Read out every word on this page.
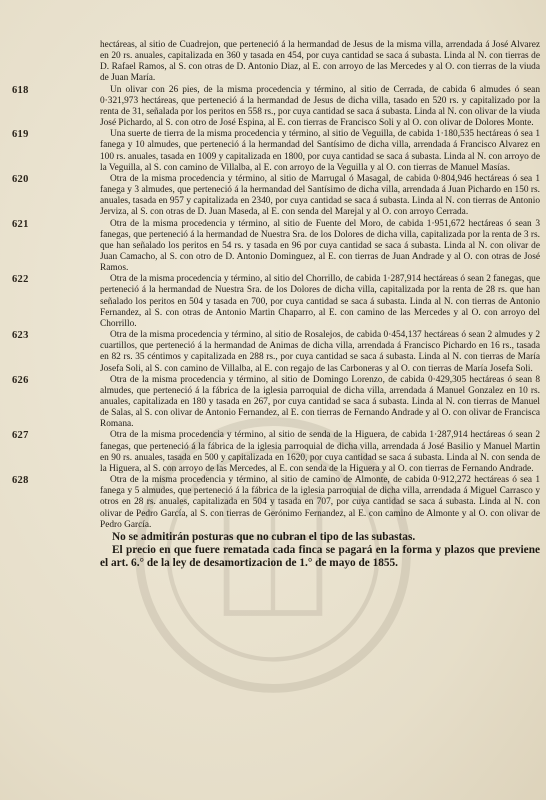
hectáreas, al sitio de Cuadrejon, que perteneció á la hermandad de Jesus de la misma villa, arrendada á José Alvarez en 20 rs. anuales, capitalizada en 360 y tasada en 454, por cuya cantidad se saca á subasta. Linda al N. con tierras de D. Rafael Ramos, al S. con otras de D. Antonio Diaz, al E. con arroyo de las Mercedes y al O. con tierras de la viuda de Juan María.

618	Un olivar con 26 pies, de la misma procedencia y término, al sitio de Cerrada, de cabida 6 almudes ó sean 0·321,973 hectáreas, que perteneció á la hermandad de Jesus de dicha villa, tasado en 520 rs. y capitalizado por la renta de 31, señalada por los peritos en 558 rs., por cuya cantidad se saca á subasta. Linda al N. con olivar de la viuda José Pichardo, al S. con otro de José Espina, al E. con tierras de Francisco Soli y al O. con olivar de Dolores Monte.

619	Una suerte de tierra de la misma procedencia y término, al sitio de Veguilla, de cabida 1·180,535 hectáreas ó sea 1 fanega y 10 almudes, que perteneció á la hermandad del Santísimo de dicha villa, arrendada á Francisco Alvarez en 100 rs. anuales, tasada en 1009 y capitalizada en 1800, por cuya cantidad se saca á subasta. Linda al N. con arroyo de la Veguilla, al S. con camino de Villalba, al E. con arroyo de la Veguilla y al O. con tierras de Manuel Masías.

620	Otra de la misma procedencia y término, al sitio de Marrugal ó Masagal, de cabida 0·804,946 hectáreas ó sea 1 fanega y 3 almudes, que perteneció á la hermandad del Santísimo de dicha villa, arrendada á Juan Pichardo en 150 rs. anuales, tasada en 957 y capitalizada en 2340, por cuya cantidad se saca á subasta. Linda al N. con tierras de Antonio Jerviza, al S. con otras de D. Juan Maseda, al E. con senda del Marejal y al O. con arroyo Cerrada.

621	Otra de la misma procedencia y término, al sitio de Fuente del Moro, de cabida 1·951,672 hectáreas ó sean 3 fanegas, que perteneció á la hermandad de Nuestra Sra. de los Dolores de dicha villa, capitalizada por la renta de 3 rs. que han señalado los peritos en 54 rs. y tasada en 96 por cuya cantidad se saca á subasta. Linda al N. con olivar de Juan Camacho, al S. con otro de D. Antonio Dominguez, al E. con tierras de Juan Andrade y al O. con otras de José Ramos.

622	Otra de la misma procedencia y término, al sitio del Chorrillo, de cabida 1·287,914 hectáreas ó sean 2 fanegas, que perteneció á la hermandad de Nuestra Sra. de los Dolores de dicha villa, capitalizada por la renta de 28 rs. que han señalado los peritos en 504 y tasada en 700, por cuya cantidad se saca á subasta. Linda al N. con tierras de Antonio Fernandez, al S. con otras de Antonio Martin Chaparro, al E. con camino de las Mercedes y al O. con arroyo del Chorrillo.

623	Otra de la misma procedencia y término, al sitio de Rosalejos, de cabida 0·454,137 hectáreas ó sean 2 almudes y 2 cuartillos, que perteneció á la hermandad de Animas de dicha villa, arrendada á Francisco Pichardo en 16 rs., tasada en 82 rs. 35 céntimos y capitalizada en 288 rs., por cuya cantidad se saca á subasta. Linda al N. con tierras de María Josefa Soli, al S. con camino de Villalba, al E. con regajo de las Carboneras y al O. con tierras de María Josefa Soli.

626	Otra de la misma procedencia y término, al sitio de Domingo Lorenzo, de cabida 0·429,305 hectáreas ó sean 8 almudes, que perteneció á la fábrica de la iglesia parroquial de dicha villa, arrendada á Manuel Gonzalez en 10 rs. anuales, capitalizada en 180 y tasada en 267, por cuya cantidad se saca á subasta. Linda al N. con tierras de Manuel de Salas, al S. con olivar de Antonio Fernandez, al E. con tierras de Fernando Andrade y al O. con olivar de Francisca Romana.

627	Otra de la misma procedencia y término, al sitio de senda de la Higuera, de cabida 1·287,914 hectáreas ó sean 2 fanegas, que perteneció á la fábrica de la iglesia parroquial de dicha villa, arrendada á José Basilio y Manuel Martin en 90 rs. anuales, tasada en 500 y capitalizada en 1620, por cuya cantidad se saca á subasta. Linda al N. con senda de la Higuera, al S. con arroyo de las Mercedes, al E. con senda de la Higuera y al O. con tierras de Fernando Andrade.

628	Otra de la misma procedencia y término, al sitio de camino de Almonte, de cabida 0·912,272 hectáreas ó sea 1 fanega y 5 almudes, que perteneció á la fábrica de la iglesia parroquial de dicha villa, arrendada á Miguel Carrasco y otros en 28 rs. anuales, capitalizada en 504 y tasada en 707, por cuya cantidad se saca á subasta. Linda al N. con olivar de Pedro García, al S. con tierras de Gerónimo Fernandez, al E. con camino de Almonte y al O. con olivar de Pedro García.

No se admitirán posturas que no cubran el tipo de las subastas.

El precio en que fuere rematada cada finca se pagará en la forma y plazos que previene el art. 6.° de la ley de desamortizacion de 1.° de mayo de 1855.
